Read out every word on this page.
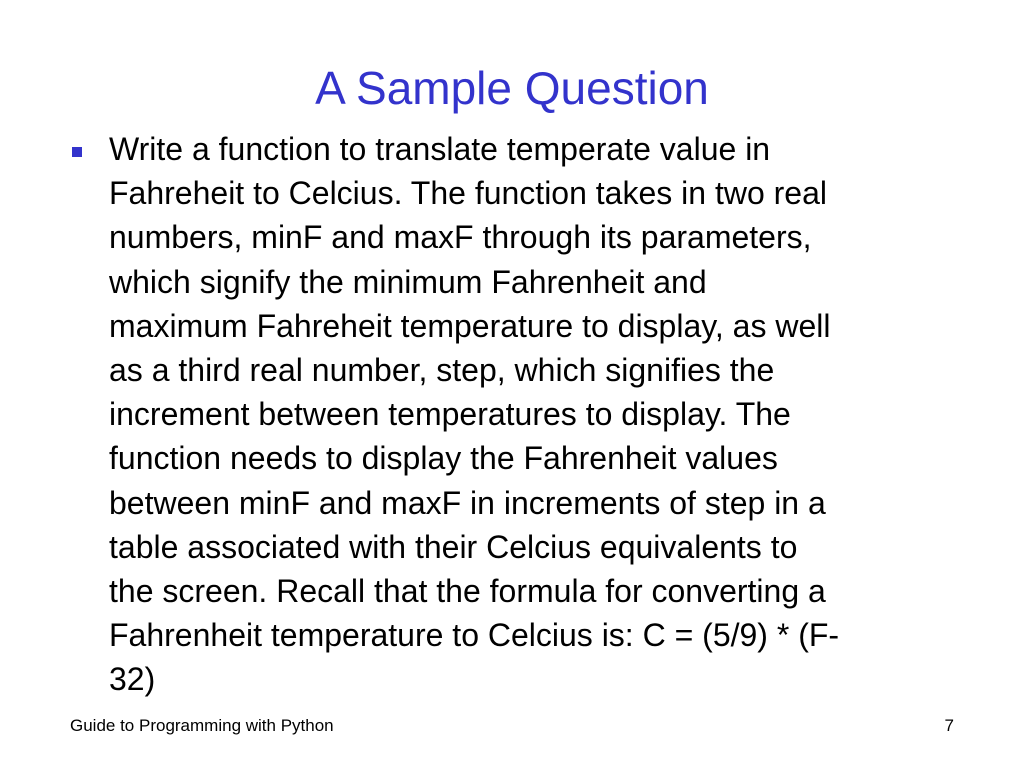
A Sample Question
Write a function to translate temperate value in
Fahreheit to Celcius. The function takes in two real
numbers, minF and maxF through its parameters,
which signify the minimum Fahrenheit and
maximum Fahreheit temperature to display, as well
as a third real number, step, which signifies the
increment between temperatures to display. The
function needs to display the Fahrenheit values
between minF and maxF in increments of step in a
table associated with their Celcius equivalents to
the screen. Recall that the formula for converting a
Fahrenheit temperature to Celcius is: C = (5/9) * (F-
32)
Guide to Programming with Python	7
